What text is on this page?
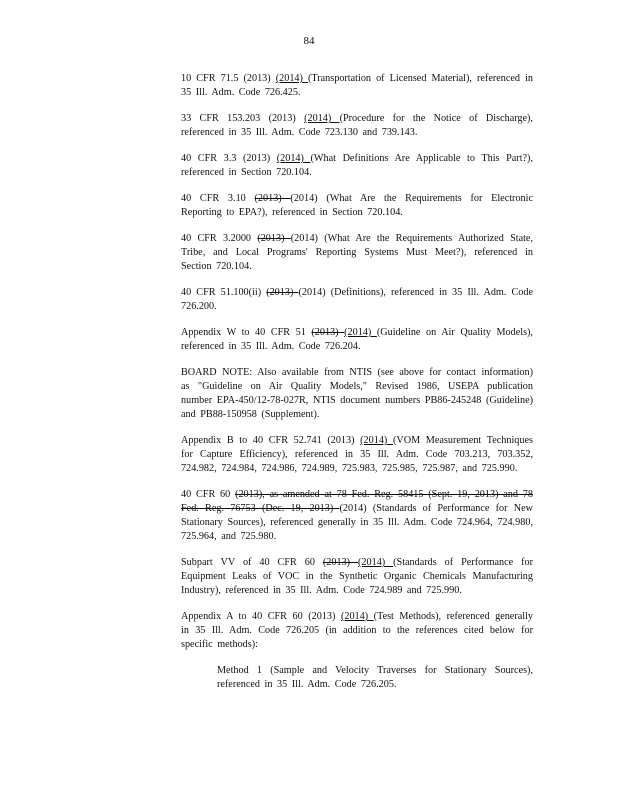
84

10 CFR 71.5 (2013) (2014) (Transportation of Licensed Material), referenced in 35 Ill. Adm. Code 726.425.

33 CFR 153.203 (2013) (2014) (Procedure for the Notice of Discharge), referenced in 35 Ill. Adm. Code 723.130 and 739.143.

40 CFR 3.3 (2013) (2014) (What Definitions Are Applicable to This Part?), referenced in Section 720.104.

40 CFR 3.10 (2013) (2014) (What Are the Requirements for Electronic Reporting to EPA?), referenced in Section 720.104.

40 CFR 3.2000 (2013) (2014) (What Are the Requirements Authorized State, Tribe, and Local Programs' Reporting Systems Must Meet?), referenced in Section 720.104.

40 CFR 51.100(ii) (2013) (2014) (Definitions), referenced in 35 Ill. Adm. Code 726.200.

Appendix W to 40 CFR 51 (2013) (2014) (Guideline on Air Quality Models), referenced in 35 Ill. Adm. Code 726.204.

BOARD NOTE: Also available from NTIS (see above for contact information) as "Guideline on Air Quality Models," Revised 1986, USEPA publication number EPA-450/12-78-027R, NTIS document numbers PB86-245248 (Guideline) and PB88-150958 (Supplement).

Appendix B to 40 CFR 52.741 (2013) (2014) (VOM Measurement Techniques for Capture Efficiency), referenced in 35 Ill. Adm. Code 703.213, 703.352, 724.982, 724.984, 724.986, 724.989, 725.983, 725.985, 725.987, and 725.990.

40 CFR 60 (2013), as amended at 78 Fed. Reg. 58415 (Sept. 19, 2013) and 78 Fed. Reg. 76753 (Dec. 19, 2013) (2014) (Standards of Performance for New Stationary Sources), referenced generally in 35 Ill. Adm. Code 724.964, 724.980, 725.964, and 725.980.

Subpart VV of 40 CFR 60 (2013) (2014) (Standards of Performance for Equipment Leaks of VOC in the Synthetic Organic Chemicals Manufacturing Industry), referenced in 35 Ill. Adm. Code 724.989 and 725.990.

Appendix A to 40 CFR 60 (2013) (2014) (Test Methods), referenced generally in 35 Ill. Adm. Code 726.205 (in addition to the references cited below for specific methods):

Method 1 (Sample and Velocity Traverses for Stationary Sources), referenced in 35 Ill. Adm. Code 726.205.
